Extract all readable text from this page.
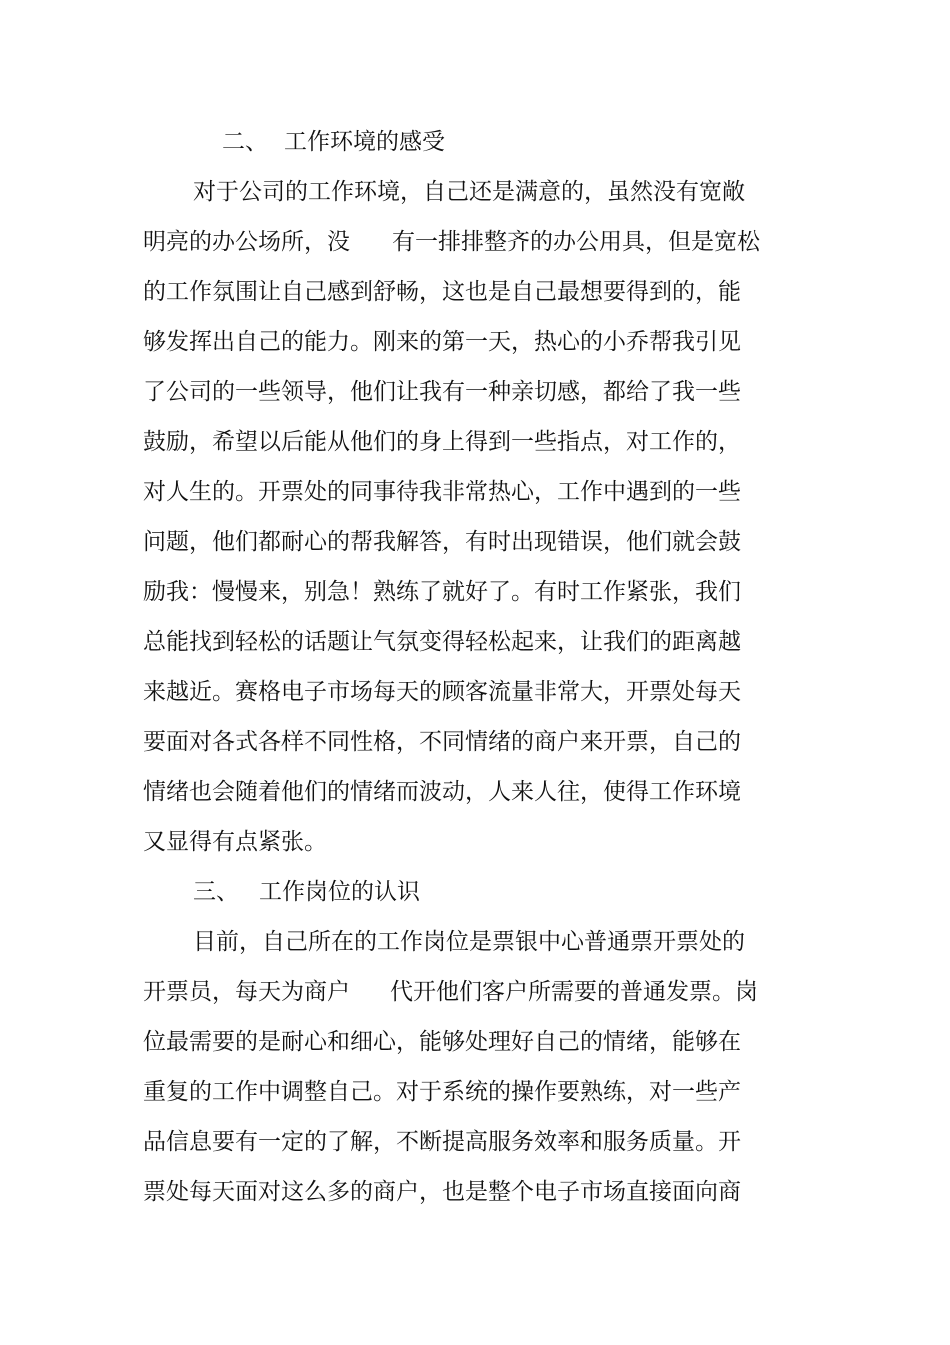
二、 工作环境的感受
对于公司的工作环境，自己还是满意的，虽然没有宽敞
明亮的办公场所，没 有一排排整齐的办公用具，但是宽松
的工作氛围让自己感到舒畅，这也是自己最想要得到的，能
够发挥出自己的能力。刚来的第一天，热心的小乔帮我引见
了公司的一些领导，他们让我有一种亲切感，都给了我一些
鼓励，希望以后能从他们的身上得到一些指点，对工作的，
对人生的。开票处的同事待我非常热心，工作中遇到的一些
问题，他们都耐心的帮我解答，有时出现错误，他们就会鼓
励我：慢慢来，别急！熟练了就好了。有时工作紧张，我们
总能找到轻松的话题让气氛变得轻松起来，让我们的距离越
来越近。赛格电子市场每天的顾客流量非常大，开票处每天
要面对各式各样不同性格，不同情绪的商户来开票，自己的
情绪也会随着他们的情绪而波动，人来人往，使得工作环境
又显得有点紧张。
三、 工作岗位的认识
目前，自己所在的工作岗位是票银中心普通票开票处的
开票员，每天为商户 代开他们客户所需要的普通发票。岗
位最需要的是耐心和细心，能够处理好自己的情绪，能够在
重复的工作中调整自己。对于系统的操作要熟练，对一些产
品信息要有一定的了解，不断提高服务效率和服务质量。开
票处每天面对这么多的商户，也是整个电子市场直接面向商
